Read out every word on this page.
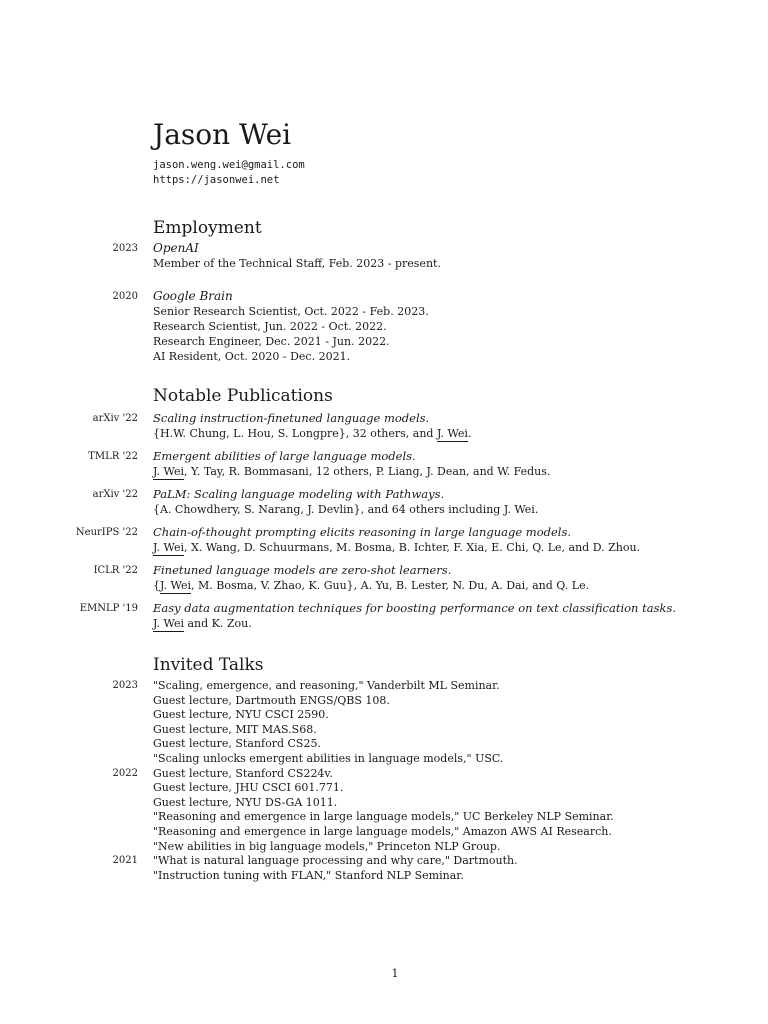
Jason Wei
jason.weng.wei@gmail.com
https://jasonwei.net
Employment
2023 OpenAI
Member of the Technical Staff, Feb. 2023 - present.
2020 Google Brain
Senior Research Scientist, Oct. 2022 - Feb. 2023.
Research Scientist, Jun. 2022 - Oct. 2022.
Research Engineer, Dec. 2021 - Jun. 2022.
AI Resident, Oct. 2020 - Dec. 2021.
Notable Publications
arXiv '22 Scaling instruction-finetuned language models.
{H.W. Chung, L. Hou, S. Longpre}, 32 others, and J. Wei.
TMLR '22 Emergent abilities of large language models.
J. Wei, Y. Tay, R. Bommasani, 12 others, P. Liang, J. Dean, and W. Fedus.
arXiv '22 PaLM: Scaling language modeling with Pathways.
{A. Chowdhery, S. Narang, J. Devlin}, and 64 others including J. Wei.
NeurIPS '22 Chain-of-thought prompting elicits reasoning in large language models.
J. Wei, X. Wang, D. Schuurmans, M. Bosma, B. Ichter, F. Xia, E. Chi, Q. Le, and D. Zhou.
ICLR '22 Finetuned language models are zero-shot learners.
{J. Wei, M. Bosma, V. Zhao, K. Guu}, A. Yu, B. Lester, N. Du, A. Dai, and Q. Le.
EMNLP '19 Easy data augmentation techniques for boosting performance on text classification tasks.
J. Wei and K. Zou.
Invited Talks
2023 "Scaling, emergence, and reasoning," Vanderbilt ML Seminar.
Guest lecture, Dartmouth ENGS/QBS 108.
Guest lecture, NYU CSCI 2590.
Guest lecture, MIT MAS.S68.
Guest lecture, Stanford CS25.
"Scaling unlocks emergent abilities in language models," USC.
2022 Guest lecture, Stanford CS224v.
Guest lecture, JHU CSCI 601.771.
Guest lecture, NYU DS-GA 1011.
"Reasoning and emergence in large language models," UC Berkeley NLP Seminar.
"Reasoning and emergence in large language models," Amazon AWS AI Research.
"New abilities in big language models," Princeton NLP Group.
2021 "What is natural language processing and why care," Dartmouth.
"Instruction tuning with FLAN," Stanford NLP Seminar.
1
